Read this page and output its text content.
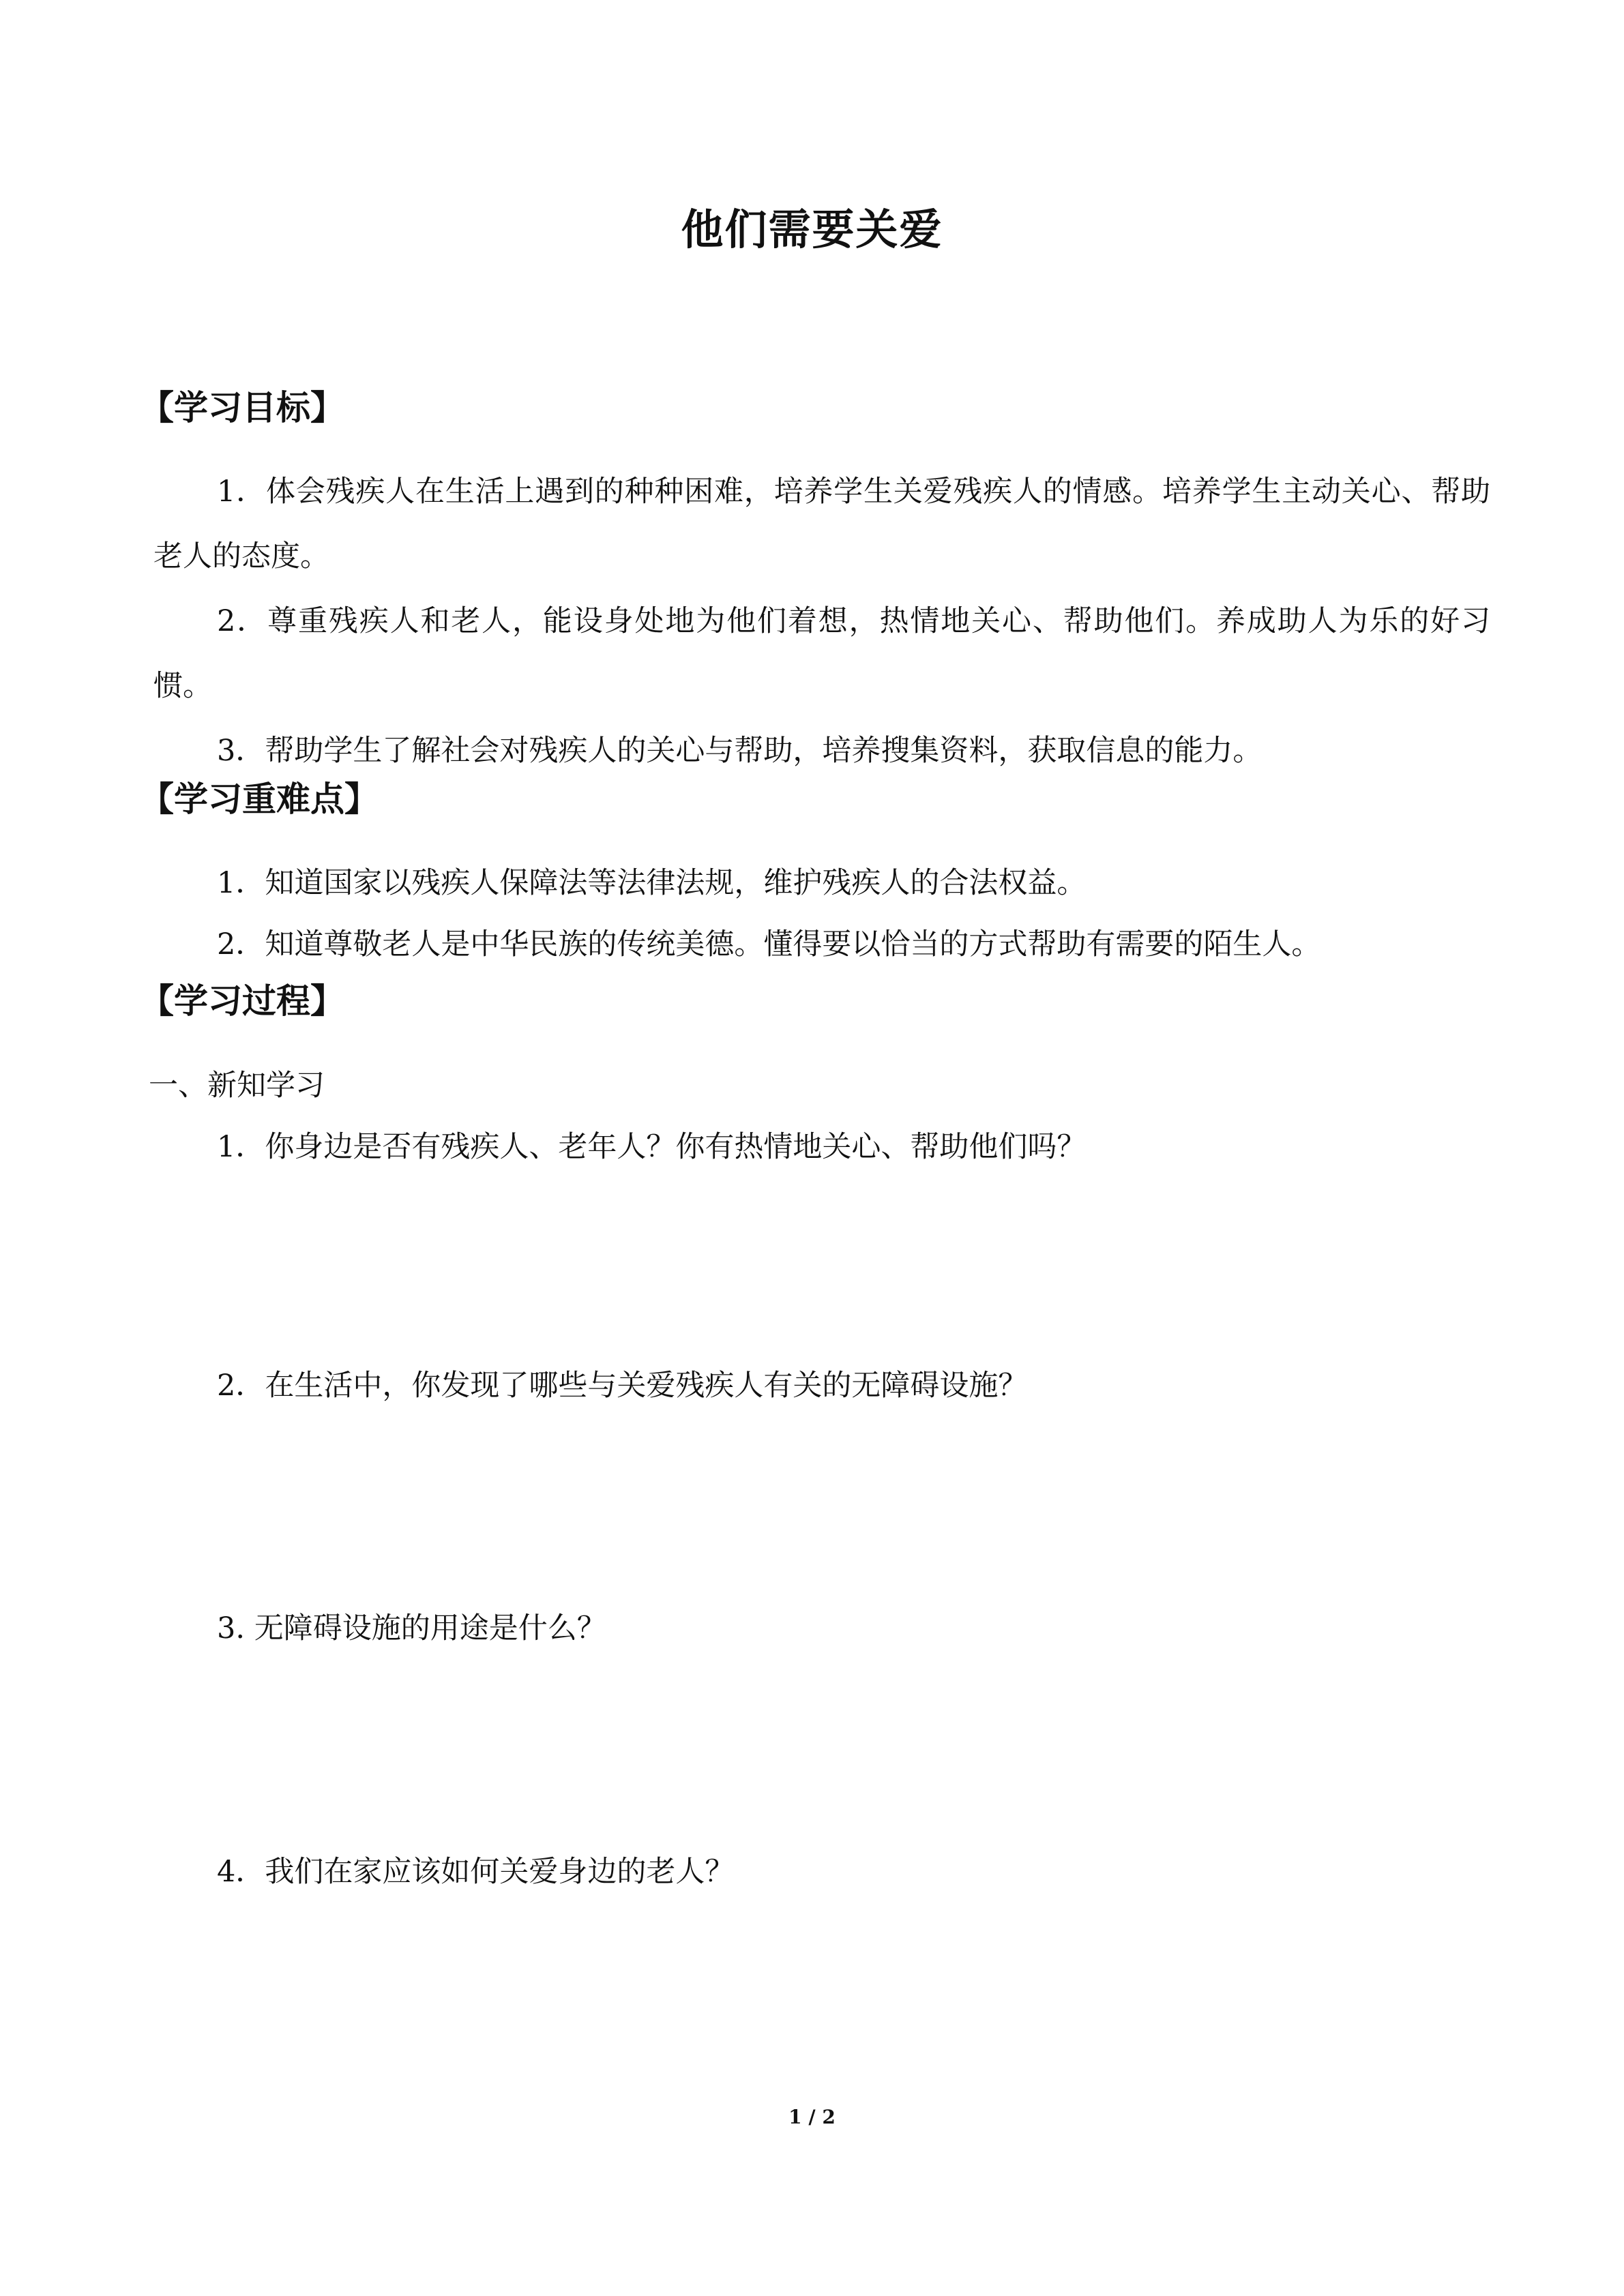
他们需要关爱
【学习目标】
1．体会残疾人在生活上遇到的种种困难，培养学生关爱残疾人的情感。培养学生主动关心、帮助老人的态度。
2．尊重残疾人和老人，能设身处地为他们着想，热情地关心、帮助他们。养成助人为乐的好习惯。
3．帮助学生了解社会对残疾人的关心与帮助，培养搜集资料，获取信息的能力。
【学习重难点】
1．知道国家以残疾人保障法等法律法规，维护残疾人的合法权益。
2．知道尊敬老人是中华民族的传统美德。懂得要以恰当的方式帮助有需要的陌生人。
【学习过程】
一、新知学习
1．你身边是否有残疾人、老年人？你有热情地关心、帮助他们吗？
2．在生活中，你发现了哪些与关爱残疾人有关的无障碍设施？
3. 无障碍设施的用途是什么？
4．我们在家应该如何关爱身边的老人？
1 / 2
